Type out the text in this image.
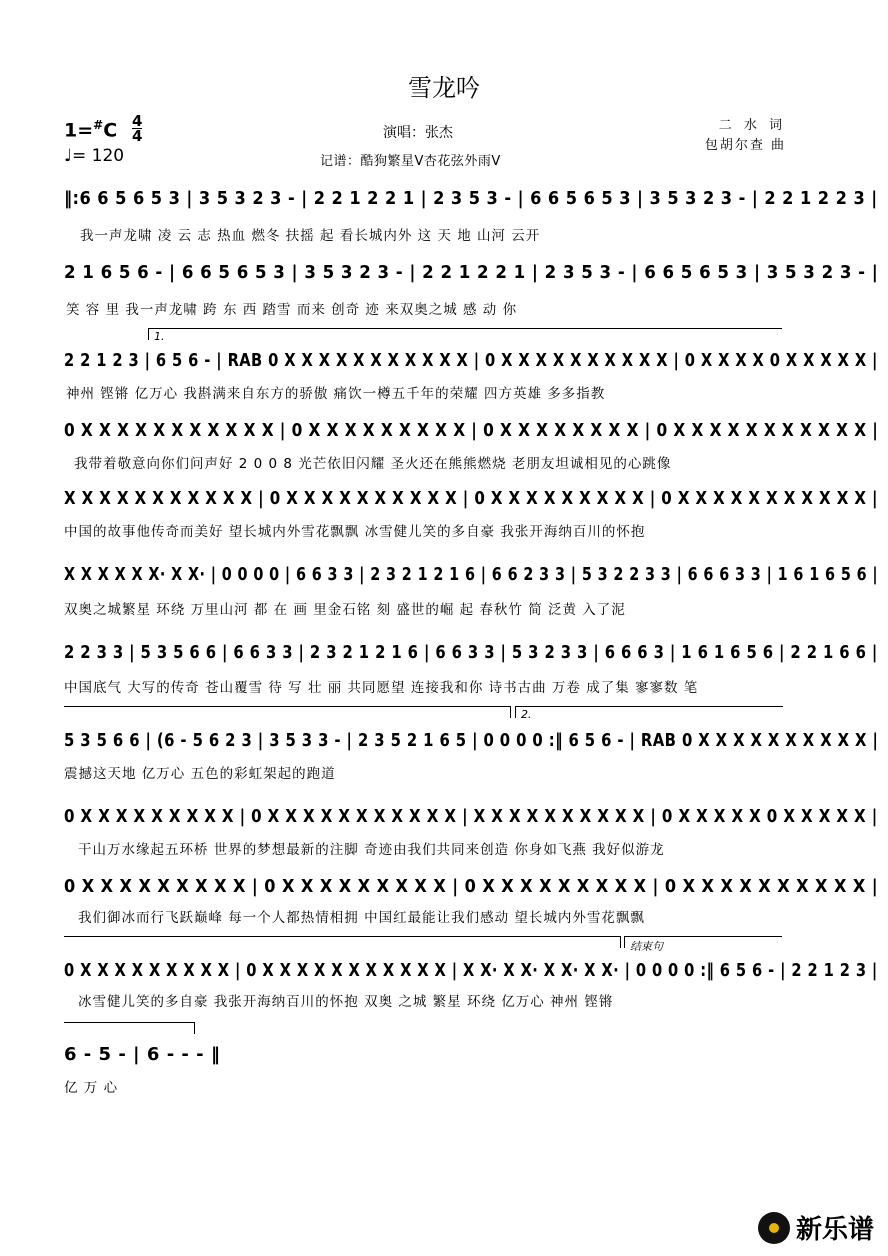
雪龙吟
1=#C 4
4
♩= 120
演唱：张杰
记谱：酷狗繁星V杏花弦外雨V
二 水 词
包胡尔查 曲
‖:6 6 5 6 5 3 | 3 5 3 2 3 - | 2 2 1 2 2 1 | 2 3 5 3 - | 6 6 5 6 5 3 | 3 5 3 2 3 - | 2 2 1 2 2 3 |
我一声龙啸 凌 云 志 热血 燃冬 扶摇 起 看长城内外 这 天 地 山河 云开
2 1 6 5 6 - | 6 6 5 6 5 3 | 3 5 3 2 3 - | 2 2 1 2 2 1 | 2 3 5 3 - | 6 6 5 6 5 3 | 3 5 3 2 3 - |
笑 容 里 我一声龙啸 跨 东 西 踏雪 而来 创奇 迹 来双奥之城 感 动 你
1.
2 2 1 2 3 | 6 5 6 - | RAB 0 X X X X X X X X X X X | 0 X X X X X X X X X X | 0 X X X X 0 X X X X X |
神州 铿锵 亿万心 我斟满来自东方的骄傲 痛饮一樽五千年的荣耀 四方英雄 多多指教
0 X X X X X X X X X X X | 0 X X X X X X X X X | 0 X X X X X X X X | 0 X X X X X X X X X X X |
我带着敬意向你们问声好 2 0 0 8 光芒依旧闪耀 圣火还在熊熊燃烧 老朋友坦诚相见的心跳像
X X X X X X X X X X X | 0 X X X X X X X X X X | 0 X X X X X X X X X | 0 X X X X X X X X X X X |
中国的故事他传奇而美好 望长城内外雪花飘飘 冰雪健儿笑的多自豪 我张开海纳百川的怀抱
X X X X X X· X X· | 0 0 0 0 | 6 6 3 3 | 2 3 2 1 2 1 6 | 6 6 2 3 3 | 5 3 2 2 3 3 | 6 6 6 3 3 | 1 6 1 6 5 6 |
双奥之城繁星 环绕 万里山河 都 在 画 里金石铭 刻 盛世的崛 起 春秋竹 简 泛黄 入了泥
2 2 3 3 | 5 3 5 6 6 | 6 6 3 3 | 2 3 2 1 2 1 6 | 6 6 3 3 | 5 3 2 3 3 | 6 6 6 3 | 1 6 1 6 5 6 | 2 2 1 6 6 |
中国底气 大写的传奇 苍山覆雪 待 写 壮 丽 共同愿望 连接我和你 诗书古曲 万卷 成了集 寥寥数 笔
2.
5 3 5 6 6 | (6 - 5 6 2 3 | 3 5 3 3 - | 2 3 5 2 1 6 5 | 0 0 0 0 :‖ 6 5 6 - | RAB 0 X X X X X X X X X X |
震撼这天地 亿万心 五色的彩虹架起的跑道
0 X X X X X X X X X | 0 X X X X X X X X X X X | X X X X X X X X X X | 0 X X X X X 0 X X X X X |
干山万水缘起五环桥 世界的梦想最新的注脚 奇迹由我们共同来创造 你身如飞燕 我好似游龙
0 X X X X X X X X X | 0 X X X X X X X X X | 0 X X X X X X X X X | 0 X X X X X X X X X X |
我们御冰而行飞跃巅峰 每一个人都热情相拥 中国红最能让我们感动 望长城内外雪花飘飘
结束句
0 X X X X X X X X X | 0 X X X X X X X X X X X | X X· X X· X X· X X· | 0 0 0 0 :‖ 6 5 6 - | 2 2 1 2 3 |
冰雪健儿笑的多自豪 我张开海纳百川的怀抱 双奥 之城 繁星 环绕 亿万心 神州 铿锵
6 - 5 - | 6 - - - ‖
亿 万 心
新乐谱
